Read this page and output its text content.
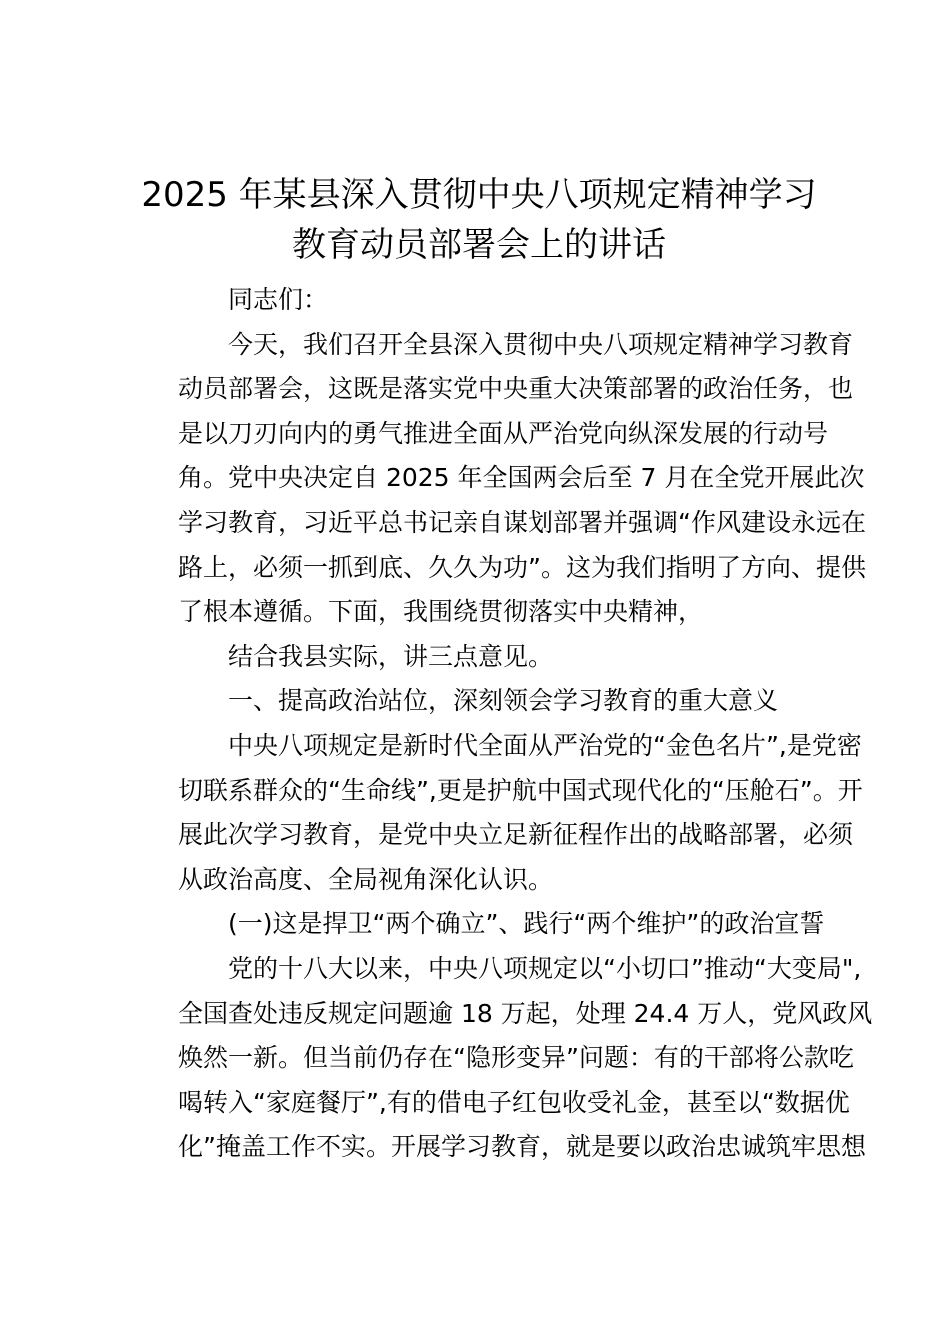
2025 年某县深入贯彻中央八项规定精神学习
教育动员部署会上的讲话
同志们：
今天，我们召开全县深入贯彻中央八项规定精神学习教育
动员部署会，这既是落实党中央重大决策部署的政治任务，也
是以刀刃向内的勇气推进全面从严治党向纵深发展的行动号
角。党中央决定自 2025 年全国两会后至 7 月在全党开展此次
学习教育，习近平总书记亲自谋划部署并强调“作风建设永远在
路上，必须一抓到底、久久为功”。这为我们指明了方向、提供
了根本遵循。下面，我围绕贯彻落实中央精神，
结合我县实际，讲三点意见。
一、提高政治站位，深刻领会学习教育的重大意义
中央八项规定是新时代全面从严治党的“金色名片”,是党密
切联系群众的“生命线”,更是护航中国式现代化的“压舱石”。开
展此次学习教育，是党中央立足新征程作出的战略部署，必须
从政治高度、全局视角深化认识。
(一)这是捍卫“两个确立”、践行“两个维护”的政治宣誓
党的十八大以来，中央八项规定以“小切口”推动“大变局",
全国查处违反规定问题逾 18 万起，处理 24.4 万人，党风政风
焕然一新。但当前仍存在“隐形变异”问题：有的干部将公款吃
喝转入“家庭餐厅”,有的借电子红包收受礼金，甚至以“数据优
化”掩盖工作不实。开展学习教育，就是要以政治忠诚筑牢思想
